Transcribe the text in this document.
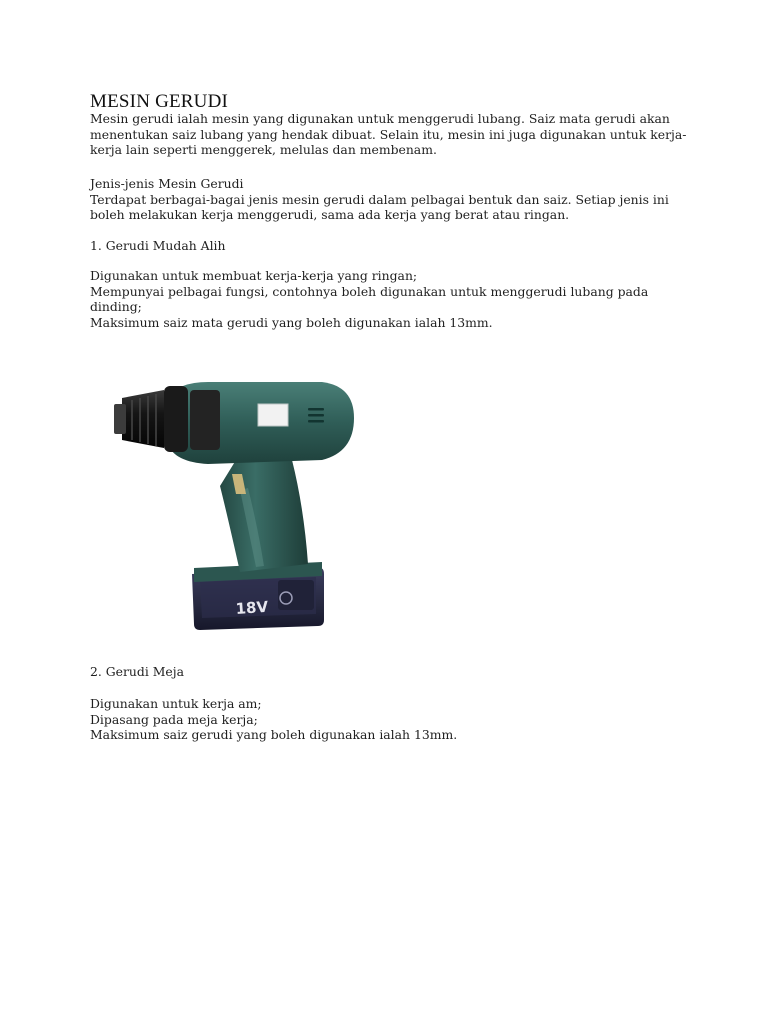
MESIN GERUDI
Mesin gerudi ialah mesin yang digunakan untuk menggerudi lubang. Saiz mata gerudi akan
menentukan saiz lubang yang hendak dibuat. Selain itu, mesin ini juga digunakan untuk kerja-
kerja lain seperti menggerek, melulas dan membenam.
Jenis-jenis Mesin Gerudi
Terdapat berbagai-bagai jenis mesin gerudi dalam pelbagai bentuk dan saiz. Setiap jenis ini
boleh melakukan kerja menggerudi, sama ada kerja yang berat atau ringan.
1. Gerudi Mudah Alih
Digunakan untuk membuat kerja-kerja yang ringan;
Mempunyai pelbagai fungsi, contohnya boleh digunakan untuk menggerudi lubang pada
dinding;
Maksimum saiz mata gerudi yang boleh digunakan ialah 13mm.
18V
2. Gerudi Meja
Digunakan untuk kerja am;
Dipasang pada meja kerja;
Maksimum saiz gerudi yang boleh digunakan ialah 13mm.
